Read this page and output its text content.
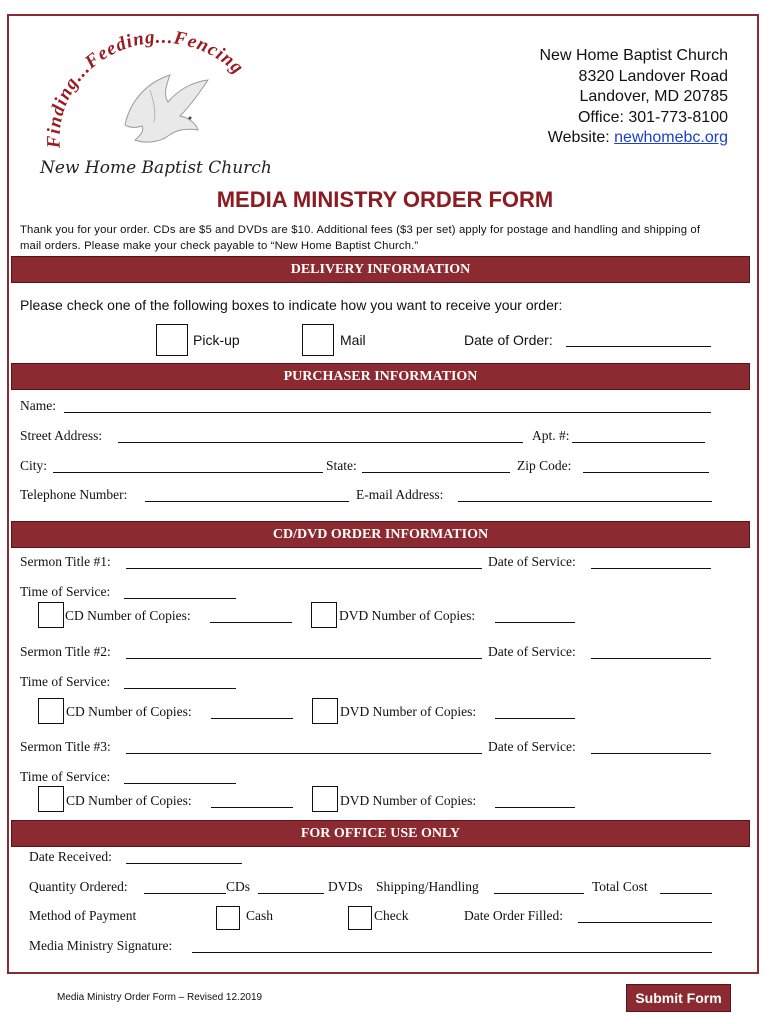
Finding...Feeding...Fencing
New Home Baptist Church
New Home Baptist Church
8320 Landover Road
Landover, MD 20785
Office: 301-773-8100
Website: newhomebc.org
MEDIA MINISTRY ORDER FORM
Thank you for your order. CDs are $5 and DVDs are $10. Additional fees ($3 per set) apply for postage and handling and shipping of mail orders. Please make your check payable to “New Home Baptist Church.”
DELIVERY INFORMATION
Please check one of the following boxes to indicate how you want to receive your order:
Pick-up	Mail	Date of Order:
PURCHASER INFORMATION
Name:
Street Address:	Apt. #:
City:	State:	Zip Code:
Telephone Number:	E-mail Address:
CD/DVD ORDER INFORMATION
Sermon Title #1:	Date of Service:
Time of Service:
CD Number of Copies:	DVD Number of Copies:
Sermon Title #2:	Date of Service:
Time of Service:
CD Number of Copies:	DVD Number of Copies:
Sermon Title #3:	Date of Service:
Time of Service:
CD Number of Copies:	DVD Number of Copies:
FOR OFFICE USE ONLY
Date Received:
Quantity Ordered:	CDs	DVDs Shipping/Handling	Total Cost
Method of Payment	Cash	Check	Date Order Filled:
Media Ministry Signature:
Media Ministry Order Form – Revised 12.2019	Submit Form
